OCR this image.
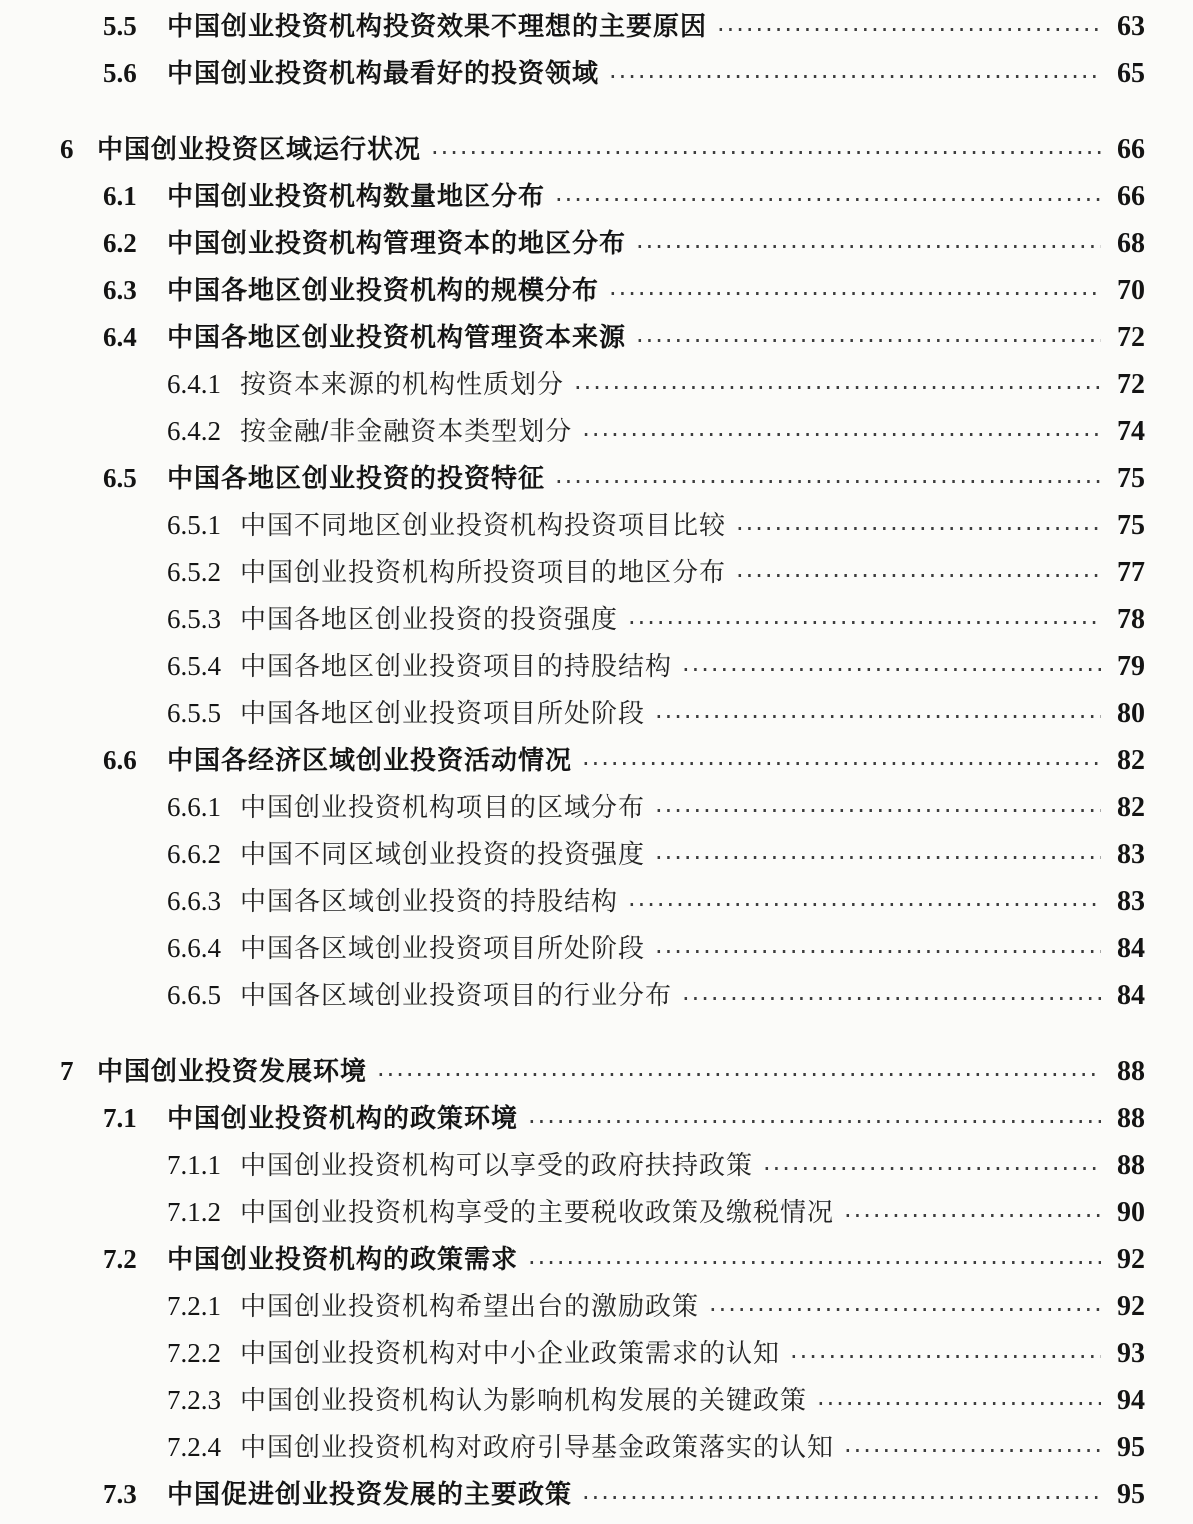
5.5	中国创业投资机构投资效果不理想的主要原因 ·····	63
5.6	中国创业投资机构最看好的投资领域 ·····	65
6 中国创业投资区域运行状况 ·····	66
6.1	中国创业投资机构数量地区分布 ·····	66
6.2	中国创业投资机构管理资本的地区分布 ·····	68
6.3	中国各地区创业投资机构的规模分布 ·····	70
6.4	中国各地区创业投资机构管理资本来源 ·····	72
6.4.1 按资本来源的机构性质划分 ·····	72
6.4.2 按金融/非金融资本类型划分 ·····	74
6.5	中国各地区创业投资的投资特征 ·····	75
6.5.1 中国不同地区创业投资机构投资项目比较 ·····	75
6.5.2 中国创业投资机构所投资项目的地区分布 ·····	77
6.5.3 中国各地区创业投资的投资强度 ·····	78
6.5.4 中国各地区创业投资项目的持股结构 ·····	79
6.5.5 中国各地区创业投资项目所处阶段 ·····	80
6.6	中国各经济区域创业投资活动情况 ·····	82
6.6.1 中国创业投资机构项目的区域分布 ·····	82
6.6.2 中国不同区域创业投资的投资强度 ·····	83
6.6.3 中国各区域创业投资的持股结构 ·····	83
6.6.4 中国各区域创业投资项目所处阶段 ·····	84
6.6.5 中国各区域创业投资项目的行业分布 ·····	84
7 中国创业投资发展环境 ·····	88
7.1	中国创业投资机构的政策环境 ·····	88
7.1.1 中国创业投资机构可以享受的政府扶持政策 ·····	88
7.1.2 中国创业投资机构享受的主要税收政策及缴税情况 ·····	90
7.2	中国创业投资机构的政策需求 ·····	92
7.2.1 中国创业投资机构希望出台的激励政策 ·····	92
7.2.2 中国创业投资机构对中小企业政策需求的认知 ·····	93
7.2.3 中国创业投资机构认为影响机构发展的关键政策 ·····	94
7.2.4 中国创业投资机构对政府引导基金政策落实的认知 ·····	95
7.3	中国促进创业投资发展的主要政策 ·····	95
